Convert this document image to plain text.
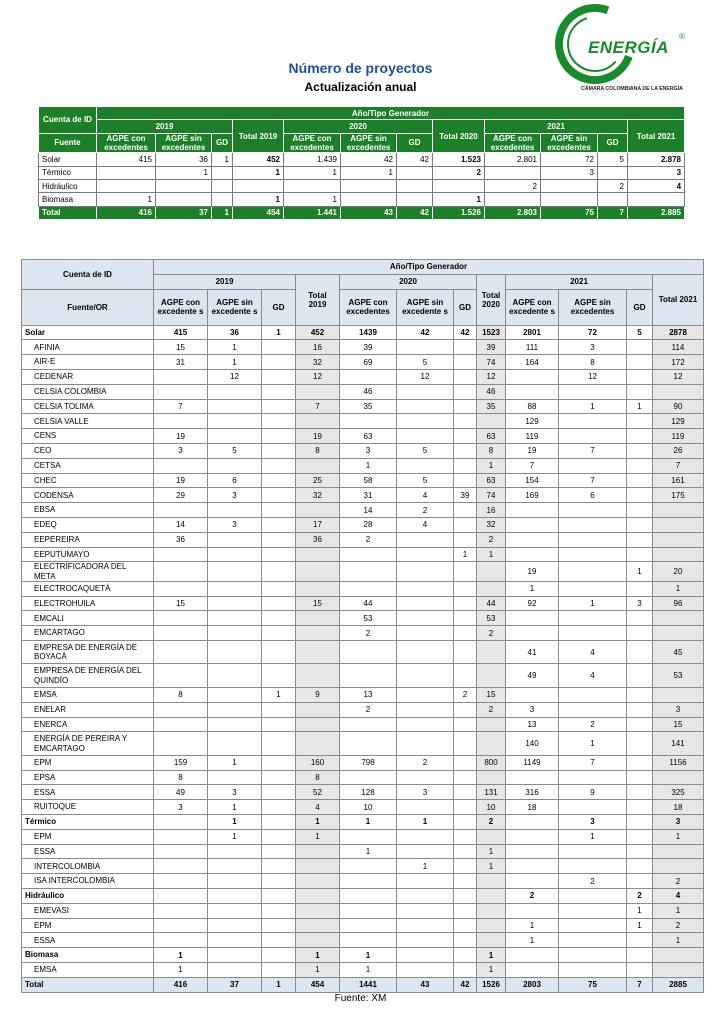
Número de proyectos
Actualización anual
ENERGÍA
®
CÁMARA COLOMBIANA DE LA ENERGÍA
Cuenta de ID	Año/Tipo Generador											
	2019			Total 2019	2020			Total 2020	2021			Total 2021
Fuente	AGPE con excedentes	AGPE sin excedentes	GD		AGPE con excedentes	AGPE sin excedentes	GD		AGPE con excedentes	AGPE sin excedentes	GD	
Solar	415	36	1	452	1.439	42	42	1.523	2.801	72	5	2.878
Térmico		1		1	1	1		2		3		3
Hidráulico									2		2	4
Biomasa	1			1	1			1				
Total	416	37	1	454	1.441	43	42	1.526	2.803	75	7	2.885
Cuenta de ID	Año/Tipo Generador											
	2019			Total 2019	2020			Total 2020	2021			Total 2021
Fuente/OR	AGPE con excedente s	AGPE sin excedente s	GD		AGPE con excedentes	AGPE sin excedente s	GD		AGPE con excedente s	AGPE sin excedentes	GD	
Solar	415	36	1	452	1439	42	42	1523	2801	72	5	2878
AFINIA	15	1		16	39			39	111	3		114
AIR-E	31	1		32	69	5		74	164	8		172
CEDENAR		12		12		12		12		12		12
CELSIA COLOMBIA					46			46				
CELSIA TOLIMA	7			7	35			35	88	1	1	90
CELSIA VALLE									129			129
CENS	19			19	63			63	119			119
CEO	3	5		8	3	5		8	19	7		26
CETSA					1			1	7			7
CHEC	19	6		25	58	5		63	154	7		161
CODENSA	29	3		32	31	4	39	74	169	6		175
EBSA					14	2		16				
EDEQ	14	3		17	28	4		32				
EEPEREIRA	36			36	2			2				
EEPUTUMAYO							1	1				
ELECTRIFICADORA DEL META									19		1	20
ELECTROCAQUETÁ									1			1
ELECTROHUILA	15			15	44			44	92	1	3	96
EMCALI					53			53				
EMCARTAGO					2			2				
EMPRESA DE ENERGÍA DE BOYACÁ									41	4		45
EMPRESA DE ENERGÍA DEL QUINDÍO									49	4		53
EMSA	8		1	9	13		2	15				
ENELAR					2			2	3			3
ENERCA									13	2		15
ENERGÍA DE PEREIRA Y EMCARTAGO									140	1		141
EPM	159	1		160	798	2		800	1149	7		1156
EPSA	8			8								
ESSA	49	3		52	128	3		131	316	9		325
RUITOQUE	3	1		4	10			10	18			18
Térmico		1		1	1	1		2		3		3
EPM		1		1						1		1
ESSA					1			1				
INTERCOLOMBIA						1		1				
ISA INTERCOLOMBIA										2		2
Hidráulico									2		2	4
EMEVASI											1	1
EPM									1		1	2
ESSA									1			1
Biomasa	1			1	1			1				
EMSA	1			1	1			1				
Total	416	37	1	454	1441	43	42	1526	2803	75	7	2885
Fuente: XM
